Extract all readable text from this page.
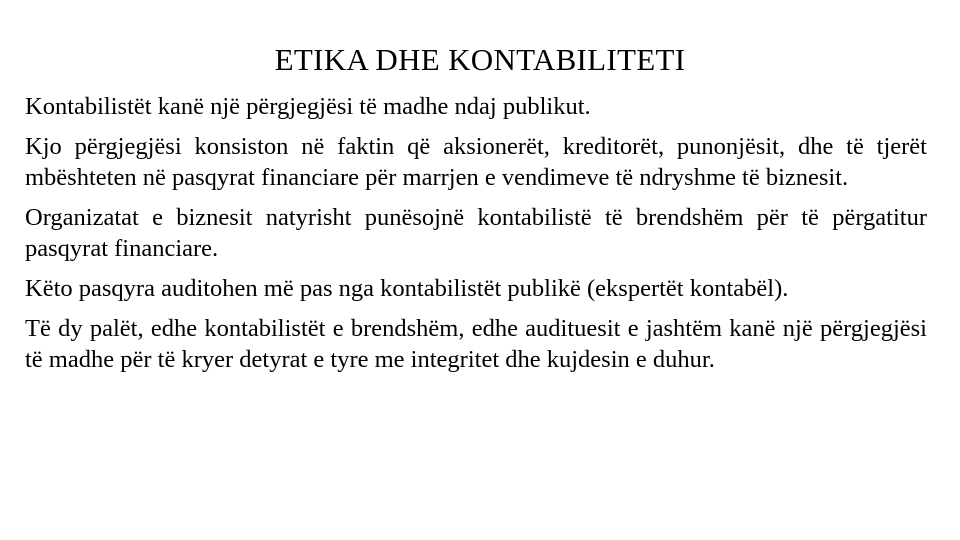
ETIKA DHE KONTABILITETI

Kontabilistët kanë një përgjegjësi të madhe ndaj publikut.

Kjo përgjegjësi konsiston në faktin që aksionerët, kreditorët, punonjësit, dhe të tjerët mbështeten në pasqyrat financiare për marrjen e vendimeve të ndryshme të biznesit.

Organizatat e biznesit natyrisht punësojnë kontabilistë të brendshëm për të përgatitur pasqyrat financiare.

Këto pasqyra auditohen më pas nga kontabilistët publikë (ekspertët kontabël).

Të dy palët, edhe kontabilistët e brendshëm, edhe audituesit e jashtëm kanë një përgjegjësi të madhe për të kryer detyrat e tyre me integritet dhe kujdesin e duhur.
